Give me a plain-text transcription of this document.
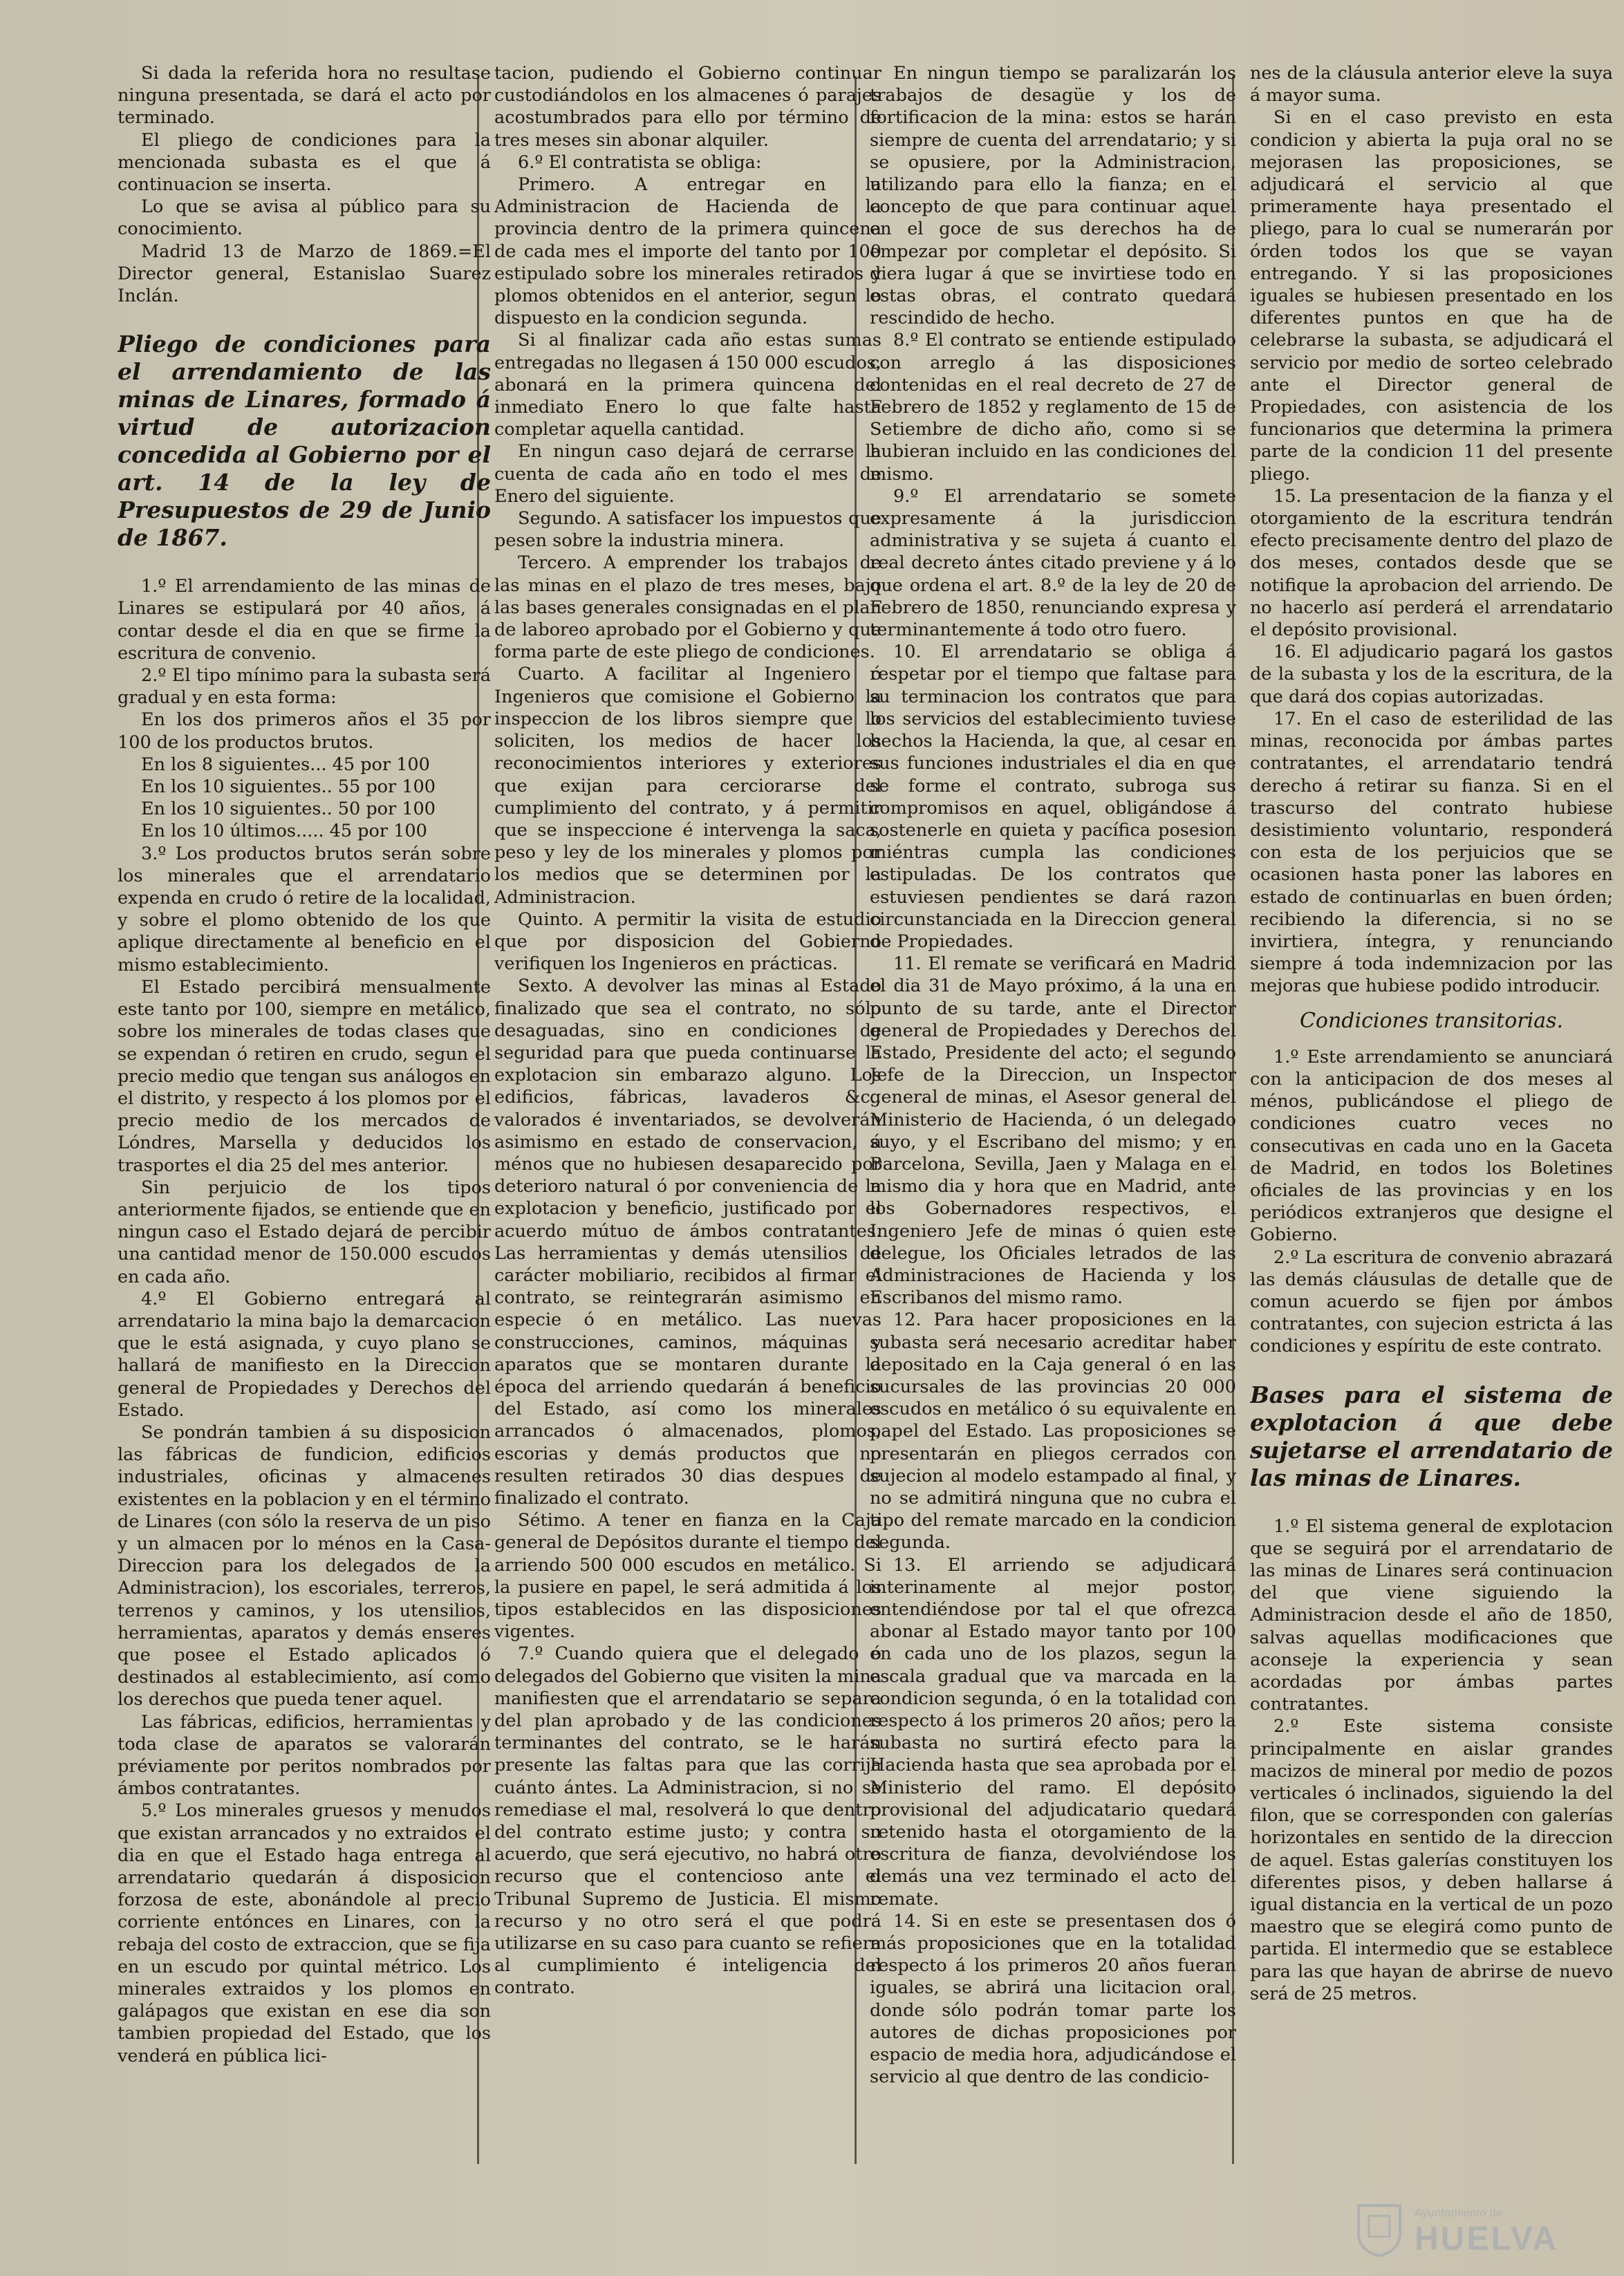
Si dada la referida hora no resultase ninguna presentada, se dará el acto por terminado.

El pliego de condiciones para la mencionada subasta es el que á continuacion se inserta.

Lo que se avisa al público para su conocimiento.

Madrid 13 de Marzo de 1869.=El Director general, Estanislao Suarez Inclán.

Pliego de condiciones para el arrendamiento de las minas de Linares, formado á virtud de autorizacion concedida al Gobierno por el art. 14 de la ley de Presupuestos de 29 de Junio de 1867.

1.º El arrendamiento de las minas de Linares se estipulará por 40 años, á contar desde el dia en que se firme la escritura de convenio.

2.º El tipo mínimo para la subasta será gradual y en esta forma:

En los dos primeros años el 35 por 100 de los productos brutos.

En los 8 siguientes... 45 por 100

En los 10 siguientes.. 55 por 100

En los 10 siguientes.. 50 por 100

En los 10 últimos..... 45 por 100

3.º Los productos brutos serán sobre los minerales que el arrendatario expenda en crudo ó retire de la localidad, y sobre el plomo obtenido de los que aplique directamente al beneficio en el mismo establecimiento.

El Estado percibirá mensualmente este tanto por 100, siempre en metálico, sobre los minerales de todas clases que se expendan ó retiren en crudo, segun el precio medio que tengan sus análogos en el distrito, y respecto á los plomos por el precio medio de los mercados de Lóndres, Marsella y deducidos los trasportes el dia 25 del mes anterior.

Sin perjuicio de los tipos anteriormente fijados, se entiende que en ningun caso el Estado dejará de percibir una cantidad menor de 150.000 escudos en cada año.

4.º El Gobierno entregará al arrendatario la mina bajo la demarcacion que le está asignada, y cuyo plano se hallará de manifiesto en la Direccion general de Propiedades y Derechos del Estado.

Se pondrán tambien á su disposicion las fábricas de fundicion, edificios industriales, oficinas y almacenes existentes en la poblacion y en el término de Linares (con sólo la reserva de un piso y un almacen por lo ménos en la Casa-Direccion para los delegados de la Administracion), los escoriales, terreros, terrenos y caminos, y los utensilios, herramientas, aparatos y demás enseres que posee el Estado aplicados ó destinados al establecimiento, así como los derechos que pueda tener aquel.

Las fábricas, edificios, herramientas y toda clase de aparatos se valorarán préviamente por peritos nombrados por ámbos contratantes.

5.º Los minerales gruesos y menudos que existan arrancados y no extraidos el dia en que el Estado haga entrega al arrendatario quedarán á disposicion forzosa de este, abonándole al precio corriente entónces en Linares, con la rebaja del costo de extraccion, que se fija en un escudo por quintal métrico. Los minerales extraidos y los plomos en galápagos que existan en ese dia son tambien propiedad del Estado, que los venderá en pública lici-

tacion, pudiendo el Gobierno continuar custodiándolos en los almacenes ó parajes acostumbrados para ello por término de tres meses sin abonar alquiler.

6.º El contratista se obliga:

Primero. A entregar en la Administracion de Hacienda de la provincia dentro de la primera quincena de cada mes el importe del tanto por 100 estipulado sobre los minerales retirados y plomos obtenidos en el anterior, segun lo dispuesto en la condicion segunda.

Si al finalizar cada año estas sumas entregadas no llegasen á 150 000 escudos, abonará en la primera quincena del inmediato Enero lo que falte hasta completar aquella cantidad.

En ningun caso dejará de cerrarse la cuenta de cada año en todo el mes de Enero del siguiente.

Segundo. A satisfacer los impuestos que pesen sobre la industria minera.

Tercero. A emprender los trabajos de las minas en el plazo de tres meses, bajo las bases generales consignadas en el plan de laboreo aprobado por el Gobierno y que forma parte de este pliego de condiciones.

Cuarto. A facilitar al Ingeniero ó Ingenieros que comisione el Gobierno la inspeccion de los libros siempre que lo soliciten, los medios de hacer los reconocimientos interiores y exteriores que exijan para cerciorarse del cumplimiento del contrato, y á permitir que se inspeccione é intervenga la saca, peso y ley de los minerales y plomos por los medios que se determinen por la Administracion.

Quinto. A permitir la visita de estudio que por disposicion del Gobierno verifiquen los Ingenieros en prácticas.

Sexto. A devolver las minas al Estado finalizado que sea el contrato, no sólo desaguadas, sino en condiciones de seguridad para que pueda continuarse la explotacion sin embarazo alguno. Los edificios, fábricas, lavaderos &c., valorados é inventariados, se devolverán asimismo en estado de conservacion, á ménos que no hubiesen desaparecido por deterioro natural ó por conveniencia de la explotacion y beneficio, justificado por el acuerdo mútuo de ámbos contratantes. Las herramientas y demás utensilios de carácter mobiliario, recibidos al firmar el contrato, se reintegrarán asimismo en especie ó en metálico. Las nuevas construcciones, caminos, máquinas y aparatos que se montaren durante la época del arriendo quedarán á beneficio del Estado, así como los minerales arrancados ó almacenados, plomos, escorias y demás productos que no resulten retirados 30 dias despues de finalizado el contrato.

Sétimo. A tener en fianza en la Caja general de Depósitos durante el tiempo del arriendo 500 000 escudos en metálico. Si la pusiere en papel, le será admitida á los tipos establecidos en las disposiciones vigentes.

7.º Cuando quiera que el delegado ó delegados del Gobierno que visiten la mina manifiesten que el arrendatario se separa del plan aprobado y de las condiciones terminantes del contrato, se le harán presente las faltas para que las corrija cuánto ántes. La Administracion, si no se remediase el mal, resolverá lo que dentro del contrato estime justo; y contra su acuerdo, que será ejecutivo, no habrá otro recurso que el contencioso ante el Tribunal Supremo de Justicia. El mismo recurso y no otro será el que podrá utilizarse en su caso para cuanto se refiera al cumplimiento é inteligencia del contrato.

En ningun tiempo se paralizarán los trabajos de desagüe y los de fortificacion de la mina: estos se harán siempre de cuenta del arrendatario; y si se opusiere, por la Administracion, utilizando para ello la fianza; en el concepto de que para continuar aquel en el goce de sus derechos ha de empezar por completar el depósito. Si diera lugar á que se invirtiese todo en estas obras, el contrato quedará rescindido de hecho.

8.º El contrato se entiende estipulado con arreglo á las disposiciones contenidas en el real decreto de 27 de Febrero de 1852 y reglamento de 15 de Setiembre de dicho año, como si se hubieran incluido en las condiciones del mismo.

9.º El arrendatario se somete expresamente á la jurisdiccion administrativa y se sujeta á cuanto el real decreto ántes citado previene y á lo que ordena el art. 8.º de la ley de 20 de Febrero de 1850, renunciando expresa y terminantemente á todo otro fuero.

10. El arrendatario se obliga á respetar por el tiempo que faltase para su terminacion los contratos que para los servicios del establecimiento tuviese hechos la Hacienda, la que, al cesar en sus funciones industriales el dia en que se forme el contrato, subroga sus compromisos en aquel, obligándose á sostenerle en quieta y pacífica posesion miéntras cumpla las condiciones estipuladas. De los contratos que estuviesen pendientes se dará razon circunstanciada en la Direccion general de Propiedades.

11. El remate se verificará en Madrid el dia 31 de Mayo próximo, á la una en punto de su tarde, ante el Director general de Propiedades y Derechos del Estado, Presidente del acto; el segundo Jefe de la Direccion, un Inspector general de minas, el Asesor general del Ministerio de Hacienda, ó un delegado suyo, y el Escribano del mismo; y en Barcelona, Sevilla, Jaen y Malaga en el mismo dia y hora que en Madrid, ante los Gobernadores respectivos, el Ingeniero Jefe de minas ó quien este delegue, los Oficiales letrados de las Administraciones de Hacienda y los Escribanos del mismo ramo.

12. Para hacer proposiciones en la subasta será necesario acreditar haber depositado en la Caja general ó en las sucursales de las provincias 20 000 escudos en metálico ó su equivalente en papel del Estado. Las proposiciones se presentarán en pliegos cerrados con sujecion al modelo estampado al final, y no se admitirá ninguna que no cubra el tipo del remate marcado en la condicion segunda.

13. El arriendo se adjudicará interinamente al mejor postor, entendiéndose por tal el que ofrezca abonar al Estado mayor tanto por 100 en cada uno de los plazos, segun la escala gradual que va marcada en la condicion segunda, ó en la totalidad con respecto á los primeros 20 años; pero la subasta no surtirá efecto para la Hacienda hasta que sea aprobada por el Ministerio del ramo. El depósito provisional del adjudicatario quedará retenido hasta el otorgamiento de la escritura de fianza, devolviéndose los demás una vez terminado el acto del remate.

14. Si en este se presentasen dos ó más proposiciones que en la totalidad respecto á los primeros 20 años fueran iguales, se abrirá una licitacion oral, donde sólo podrán tomar parte los autores de dichas proposiciones por espacio de media hora, adjudicándose el servicio al que dentro de las condicio-

nes de la cláusula anterior eleve la suya á mayor suma.

Si en el caso previsto en esta condicion y abierta la puja oral no se mejorasen las proposiciones, se adjudicará el servicio al que primeramente haya presentado el pliego, para lo cual se numerarán por órden todos los que se vayan entregando. Y si las proposiciones iguales se hubiesen presentado en los diferentes puntos en que ha de celebrarse la subasta, se adjudicará el servicio por medio de sorteo celebrado ante el Director general de Propiedades, con asistencia de los funcionarios que determina la primera parte de la condicion 11 del presente pliego.

15. La presentacion de la fianza y el otorgamiento de la escritura tendrán efecto precisamente dentro del plazo de dos meses, contados desde que se notifique la aprobacion del arriendo. De no hacerlo así perderá el arrendatario el depósito provisional.

16. El adjudicario pagará los gastos de la subasta y los de la escritura, de la que dará dos copias autorizadas.

17. En el caso de esterilidad de las minas, reconocida por ámbas partes contratantes, el arrendatario tendrá derecho á retirar su fianza. Si en el trascurso del contrato hubiese desistimiento voluntario, responderá con esta de los perjuicios que se ocasionen hasta poner las labores en estado de continuarlas en buen órden; recibiendo la diferencia, si no se invirtiera, íntegra, y renunciando siempre á toda indemnizacion por las mejoras que hubiese podido introducir.

Condiciones transitorias.

1.º Este arrendamiento se anunciará con la anticipacion de dos meses al ménos, publicándose el pliego de condiciones cuatro veces no consecutivas en cada uno en la Gaceta de Madrid, en todos los Boletines oficiales de las provincias y en los periódicos extranjeros que designe el Gobierno.

2.º La escritura de convenio abrazará las demás cláusulas de detalle que de comun acuerdo se fijen por ámbos contratantes, con sujecion estricta á las condiciones y espíritu de este contrato.

Bases para el sistema de explotacion á que debe sujetarse el arrendatario de las minas de Linares.

1.º El sistema general de explotacion que se seguirá por el arrendatario de las minas de Linares será continuacion del que viene siguiendo la Administracion desde el año de 1850, salvas aquellas modificaciones que aconseje la experiencia y sean acordadas por ámbas partes contratantes.

2.º Este sistema consiste principalmente en aislar grandes macizos de mineral por medio de pozos verticales ó inclinados, siguiendo la del filon, que se corresponden con galerías horizontales en sentido de la direccion de aquel. Estas galerías constituyen los diferentes pisos, y deben hallarse á igual distancia en la vertical de un pozo maestro que se elegirá como punto de partida. El intermedio que se establece para las que hayan de abrirse de nuevo será de 25 metros.

Ayuntamiento de
HUELVA
